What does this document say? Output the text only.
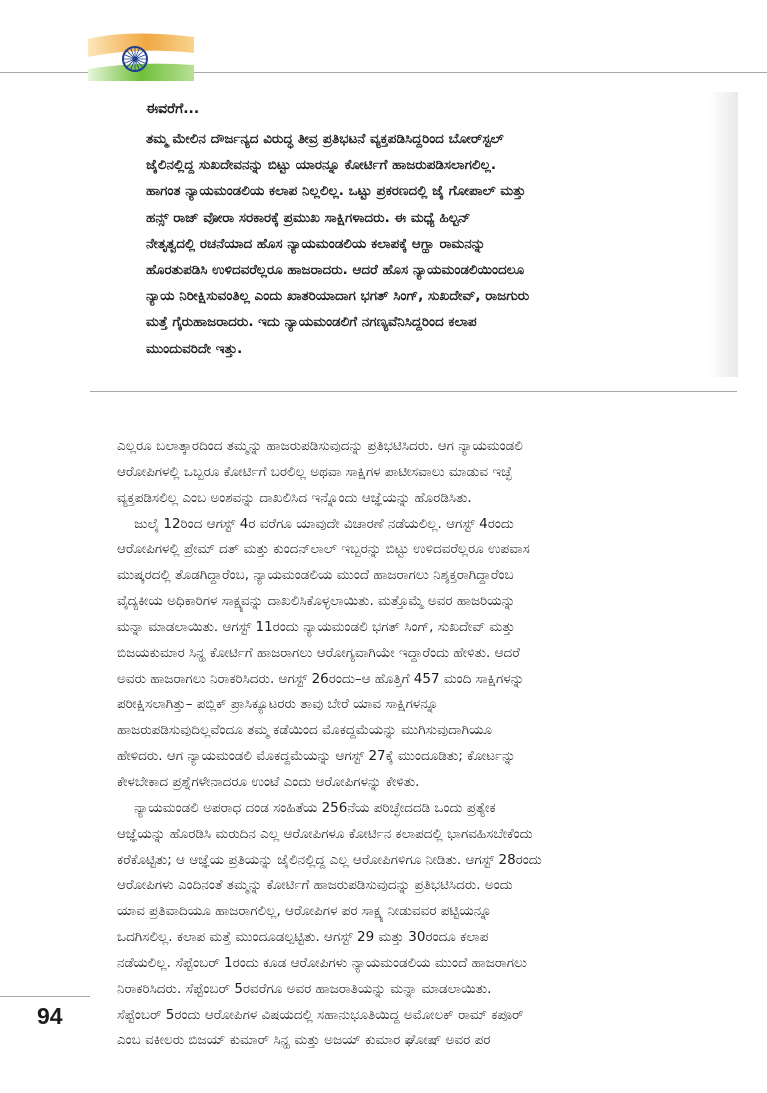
ಈವರೆಗೆ...

ತಮ್ಮ ಮೇಲಿನ ದೌರ್ಜನ್ಯದ ವಿರುದ್ಧ ತೀವ್ರ ಪ್ರತಿಭಟನೆ ವ್ಯಕ್ತಪಡಿಸಿದ್ದರಿಂದ ಬೋರ್‌ಸ್ಟಲ್
ಜೈಲಿನಲ್ಲಿದ್ದ ಸುಖದೇವನನ್ನು ಬಿಟ್ಟು ಯಾರನ್ನೂ ಕೋರ್ಟಿಗೆ ಹಾಜರುಪಡಿಸಲಾಗಲಿಲ್ಲ.
ಹಾಗಂತ ನ್ಯಾಯಮಂಡಲಿಯ ಕಲಾಪ ನಿಲ್ಲಲಿಲ್ಲ. ಒಟ್ಟು ಪ್ರಕರಣದಲ್ಲಿ ಜೈ ಗೋಪಾಲ್ ಮತ್ತು
ಹನ್ಸ್ ರಾಜ್ ವೋರಾ ಸರಕಾರಕ್ಕೆ ಪ್ರಮುಖ ಸಾಕ್ಷಿಗಳಾದರು. ಈ ಮಧ್ಯೆ ಹಿಲ್ಟನ್
ನೇತೃತ್ವದಲ್ಲಿ ರಚನೆಯಾದ ಹೊಸ ನ್ಯಾಯಮಂಡಲಿಯ ಕಲಾಪಕ್ಕೆ ಆಗ್ಹಾ ರಾಮನನ್ನು
ಹೊರತುಪಡಿಸಿ ಉಳಿದವರೆಲ್ಲರೂ ಹಾಜರಾದರು. ಆದರೆ ಹೊಸ ನ್ಯಾಯಮಂಡಲಿಯಿಂದಲೂ
ನ್ಯಾಯ ನಿರೀಕ್ಷಿಸುವಂತಿಲ್ಲ ಎಂದು ಖಾತರಿಯಾದಾಗ ಭಗತ್ ಸಿಂಗ್, ಸುಖದೇವ್, ರಾಜಗುರು
ಮತ್ತೆ ಗೈರುಹಾಜರಾದರು. ಇದು ನ್ಯಾಯಮಂಡಲಿಗೆ ನಗಣ್ಯವೆನಿಸಿದ್ದರಿಂದ ಕಲಾಪ
ಮುಂದುವರಿದೇ ಇತ್ತು.

ಎಲ್ಲರೂ ಬಲಾತ್ಕಾರದಿಂದ ತಮ್ಮನ್ನು ಹಾಜರುಪಡಿಸುವುದನ್ನು ಪ್ರತಿಭಟಿಸಿದರು. ಆಗ ನ್ಯಾಯಮಂಡಲಿ
ಆರೋಪಿಗಳಲ್ಲಿ ಒಬ್ಬರೂ ಕೋರ್ಟಿಗೆ ಬರಲಿಲ್ಲ ಅಥವಾ ಸಾಕ್ಷಿಗಳ ಪಾಟೀಸವಾಲು ಮಾಡುವ ಇಚ್ಛೆ
ವ್ಯಕ್ತಪಡಿಸಲಿಲ್ಲ ಎಂಬ ಅಂಶವನ್ನು ದಾಖಲಿಸಿದ ಇನ್ನೊಂದು ಆಜ್ಞೆಯನ್ನು ಹೊರಡಿಸಿತು.
ಜುಲೈ 12ರಿಂದ ಆಗಸ್ಟ್ 4ರ ವರೆಗೂ ಯಾವುದೇ ವಿಚಾರಣೆ ನಡೆಯಲಿಲ್ಲ. ಆಗಸ್ಟ್ 4ರಂದು
ಆರೋಪಿಗಳಲ್ಲಿ ಪ್ರೇಮ್ ದತ್ ಮತ್ತು ಕುಂದನ್‌ಲಾಲ್ ಇಬ್ಬರನ್ನು ಬಿಟ್ಟು ಉಳಿದವರೆಲ್ಲರೂ ಉಪವಾಸ
ಮುಷ್ಕರದಲ್ಲಿ ತೊಡಗಿದ್ದಾರೆಂಬ, ನ್ಯಾಯಮಂಡಲಿಯ ಮುಂದೆ ಹಾಜರಾಗಲು ನಿಶ್ಶಕ್ತರಾಗಿದ್ದಾರೆಂಬ
ವೈದ್ಯಕೀಯ ಅಧಿಕಾರಿಗಳ ಸಾಕ್ಷ್ಯವನ್ನು ದಾಖಲಿಸಿಕೊಳ್ಳಲಾಯಿತು. ಮತ್ತೊಮ್ಮೆ ಅವರ ಹಾಜರಿಯನ್ನು
ಮನ್ನಾ ಮಾಡಲಾಯಿತು. ಆಗಸ್ಟ್ 11ರಂದು ನ್ಯಾಯಮಂಡಲಿ ಭಗತ್ ಸಿಂಗ್, ಸುಖದೇವ್ ಮತ್ತು
ಬಿಜಯಕುಮಾರ ಸಿನ್ಹ ಕೋರ್ಟಿಗೆ ಹಾಜರಾಗಲು ಆರೋಗ್ಯವಾಗಿಯೇ ಇದ್ದಾರೆಂದು ಹೇಳಿತು. ಆದರೆ
ಅವರು ಹಾಜರಾಗಲು ನಿರಾಕರಿಸಿದರು. ಆಗಸ್ಟ್ 26ರಂದು–ಆ ಹೊತ್ತಿಗೆ 457 ಮಂದಿ ಸಾಕ್ಷಿಗಳನ್ನು
ಪರೀಕ್ಷಿಸಲಾಗಿತ್ತು– ಪಬ್ಲಿಕ್ ಪ್ರಾಸಿಕ್ಯೂಟರರು ತಾವು ಬೇರೆ ಯಾವ ಸಾಕ್ಷಿಗಳನ್ನೂ
ಹಾಜರುಪಡಿಸುವುದಿಲ್ಲವೆಂದೂ ತಮ್ಮ ಕಡೆಯಿಂದ ಮೊಕದ್ದಮೆಯನ್ನು ಮುಗಿಸುವುದಾಗಿಯೂ
ಹೇಳಿದರು. ಆಗ ನ್ಯಾಯಮಂಡಲಿ ಮೊಕದ್ದಮೆಯನ್ನು ಆಗಸ್ಟ್ 27ಕ್ಕೆ ಮುಂದೂಡಿತು; ಕೋರ್ಟನ್ನು
ಕೇಳಬೇಕಾದ ಪ್ರಶ್ನೆಗಳೇನಾದರೂ ಉಂಟೆ ಎಂದು ಆರೋಪಿಗಳನ್ನು ಕೇಳಿತು.
ನ್ಯಾಯಮಂಡಲಿ ಅಪರಾಧ ದಂಡ ಸಂಹಿತೆಯ 256ನೆಯ ಪರಿಚ್ಛೇದದಡಿ ಒಂದು ಪ್ರತ್ಯೇಕ
ಆಜ್ಞೆಯನ್ನು ಹೊರಡಿಸಿ ಮರುದಿನ ಎಲ್ಲ ಆರೋಪಿಗಳೂ ಕೋರ್ಟಿನ ಕಲಾಪದಲ್ಲಿ ಭಾಗವಹಿಸಬೇಕೆಂದು
ಕರೆಕೊಟ್ಟಿತು; ಆ ಆಜ್ಞೆಯ ಪ್ರತಿಯನ್ನು ಜೈಲಿನಲ್ಲಿದ್ದ ಎಲ್ಲ ಆರೋಪಿಗಳಿಗೂ ನೀಡಿತು. ಆಗಸ್ಟ್ 28ರಂದು
ಆರೋಪಿಗಳು ಎಂದಿನಂತೆ ತಮ್ಮನ್ನು ಕೋರ್ಟಿಗೆ ಹಾಜರುಪಡಿಸುವುದನ್ನು ಪ್ರತಿಭಟಿಸಿದರು. ಅಂದು
ಯಾವ ಪ್ರತಿವಾದಿಯೂ ಹಾಜರಾಗಲಿಲ್ಲ, ಆರೋಪಿಗಳ ಪರ ಸಾಕ್ಷ್ಯ ನೀಡುವವರ ಪಟ್ಟಿಯನ್ನೂ
ಒದಗಿಸಲಿಲ್ಲ. ಕಲಾಪ ಮತ್ತೆ ಮುಂದೂಡಲ್ಪಟ್ಟಿತು. ಆಗಸ್ಟ್ 29 ಮತ್ತು 30ರಂದೂ ಕಲಾಪ
ನಡೆಯಲಿಲ್ಲ. ಸೆಪ್ಟೆಂಬರ್ 1ರಂದು ಕೂಡ ಆರೋಪಿಗಳು ನ್ಯಾಯಮಂಡಲಿಯ ಮುಂದೆ ಹಾಜರಾಗಲು
ನಿರಾಕರಿಸಿದರು. ಸೆಪ್ಟೆಂಬರ್ 5ರವರೆಗೂ ಅವರ ಹಾಜರಾತಿಯನ್ನು ಮನ್ನಾ ಮಾಡಲಾಯಿತು.
ಸೆಪ್ಟೆಂಬರ್ 5ರಂದು ಆರೋಪಿಗಳ ವಿಷಯದಲ್ಲಿ ಸಹಾನುಭೂತಿಯಿದ್ದ ಅಮೋಲಕ್ ರಾಮ್ ಕಪೂರ್
ಎಂಬ ವಕೀಲರು ಬಿಜಯ್ ಕುಮಾರ್ ಸಿನ್ಹ ಮತ್ತು ಅಜಯ್ ಕುಮಾರ ಘೋಷ್ ಅವರ ಪರ

94
